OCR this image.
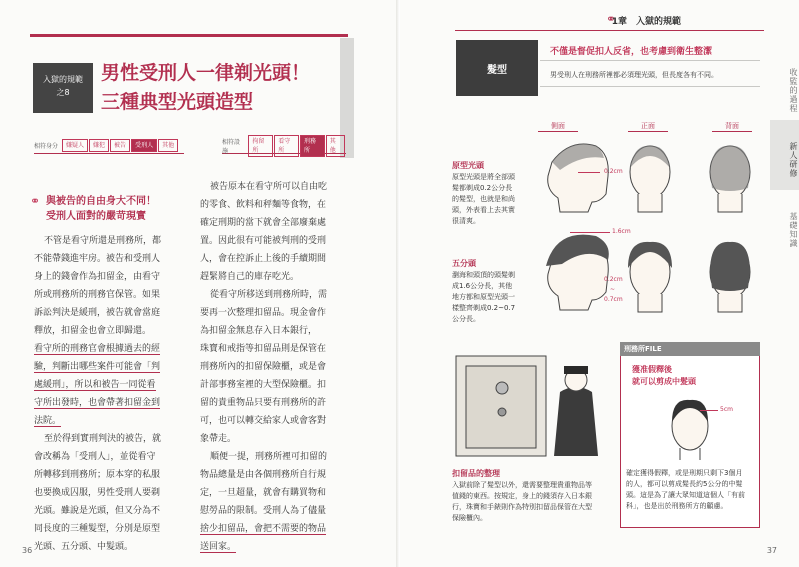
入獄的規範
之8
男性受刑人一律剃光頭！
三種典型光頭造型
相符身分	嫌疑人	嫌犯	被告	受刑人	其他	相符設施
拘留所
看守所
刑務所
其他
⚭ 與被告的自由身大不同！
受刑人面對的嚴苛現實
不管是看守所還是刑務所，都
不能帶錢進牢房。被告和受刑人
身上的錢會作為扣留金，由看守
所或刑務所的刑務官保管。如果
訴訟判決是緩刑，被告就會當庭
釋放，扣留金也會立即歸還。
看守所的刑務官會根據過去的經
驗，判斷出哪些案件可能會「判
處緩刑」，所以和被告一同從看
守所出發時，也會帶著扣留金到
法院。
至於得到實刑判決的被告，就
會改稱為「受刑人」，並從看守
所轉移到刑務所；原本穿的私服
也要換成囚服，男性受刑人要剃
光頭。雖說是光頭，但又分為不
同長度的三種髮型，分別是原型
光頭、五分頭、中髮頭。
被告原本在看守所可以自由吃
的零食、飲料和秤麵等食物，在
確定刑期的當下就會全部廢棄處
置。因此很有可能被判刑的受刑
人，會在控訴止上後的手續期間
趕緊將自己的庫存吃光。
從看守所移送到刑務所時，需
要再一次整理扣留品。現金會作
為扣留金無息存入日本銀行，
珠寶和戒指等扣留品則是保管在
刑務所內的扣留保險櫃，或是會
計部事務室裡的大型保險櫃。扣
留的貴重物品只要有刑務所的許
可，也可以轉交給家人或會客對
象帶走。
順便一提，刑務所裡可扣留的
物品總量是由各個刑務所自行規
定，一旦超量，就會有購買物和
慰勞品的限制。受刑人為了儘量
捨少扣留品，會把不需要的物品
送回家。
36
⚭
1章　入獄的規範
收監的過程
新人研修
基礎知識
髮型
不僅是督促扣人反省，也考慮到衛生整潔
男受刑人在刑務所裡都必須理光頭，但長度各有不同。
側面	正面	背面
0.2cm
1.6cm
0.2cm
~
0.7cm
原型光頭
原型光頭是將全部頭
髮都剃成0.2公分長
的髮型，也就是和尚
頭，外表看上去其實
很清爽。
五分頭
瀏海和頭頂的頭髮剃
成1.6公分長，其他
地方都和原型光頭一
樣整齊剃成0.2~0.7
公分長。
扣留品的整理
入獄前除了髮型以外，還需要整理貴重物品等
值錢的東西。按規定，身上的錢須存入日本銀
行，珠寶和手錶則作為特別扣留品保管在大型
保險櫃內。
刑務所FILE
獲准假釋後
就可以剪成中髮頭
5cm
確定獲得假釋，或是刑期只剩下3個月
的人，都可以剪成髮長約5公分的中髮
頭。這是為了讓大眾知道這個人「有前
科」，也是出於刑務所方的顧慮。
37
